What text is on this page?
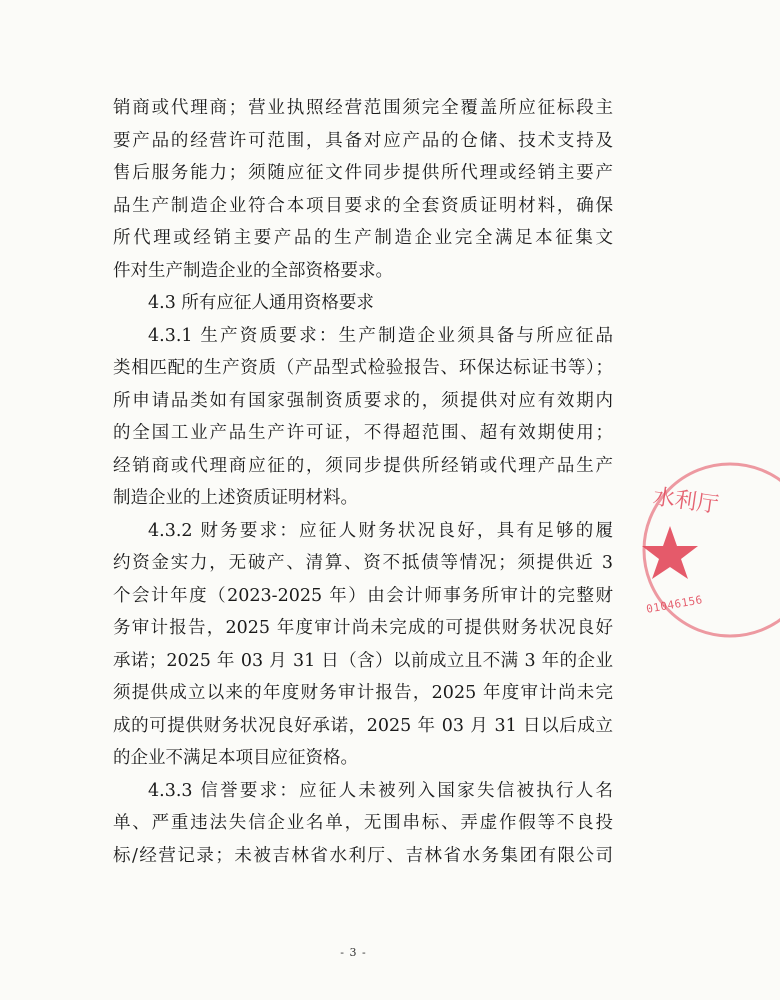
销商或代理商；营业执照经营范围须完全覆盖所应征标段主
要产品的经营许可范围，具备对应产品的仓储、技术支持及
售后服务能力；须随应征文件同步提供所代理或经销主要产
品生产制造企业符合本项目要求的全套资质证明材料，确保
所代理或经销主要产品的生产制造企业完全满足本征集文
件对生产制造企业的全部资格要求。
4.3 所有应征人通用资格要求
4.3.1 生产资质要求：生产制造企业须具备与所应征品
类相匹配的生产资质（产品型式检验报告、环保达标证书等）；
所申请品类如有国家强制资质要求的，须提供对应有效期内
的全国工业产品生产许可证，不得超范围、超有效期使用；
经销商或代理商应征的，须同步提供所经销或代理产品生产
制造企业的上述资质证明材料。
4.3.2 财务要求：应征人财务状况良好，具有足够的履
约资金实力，无破产、清算、资不抵债等情况；须提供近 3
个会计年度（2023-2025 年）由会计师事务所审计的完整财
务审计报告，2025 年度审计尚未完成的可提供财务状况良好
承诺；2025 年 03 月 31 日（含）以前成立且不满 3 年的企业
须提供成立以来的年度财务审计报告，2025 年度审计尚未完
成的可提供财务状况良好承诺，2025 年 03 月 31 日以后成立
的企业不满足本项目应征资格。
4.3.3 信誉要求：应征人未被列入国家失信被执行人名
单、严重违法失信企业名单，无围串标、弄虚作假等不良投
标/经营记录；未被吉林省水利厅、吉林省水务集团有限公司
水利厅
01046156
- 3 -
